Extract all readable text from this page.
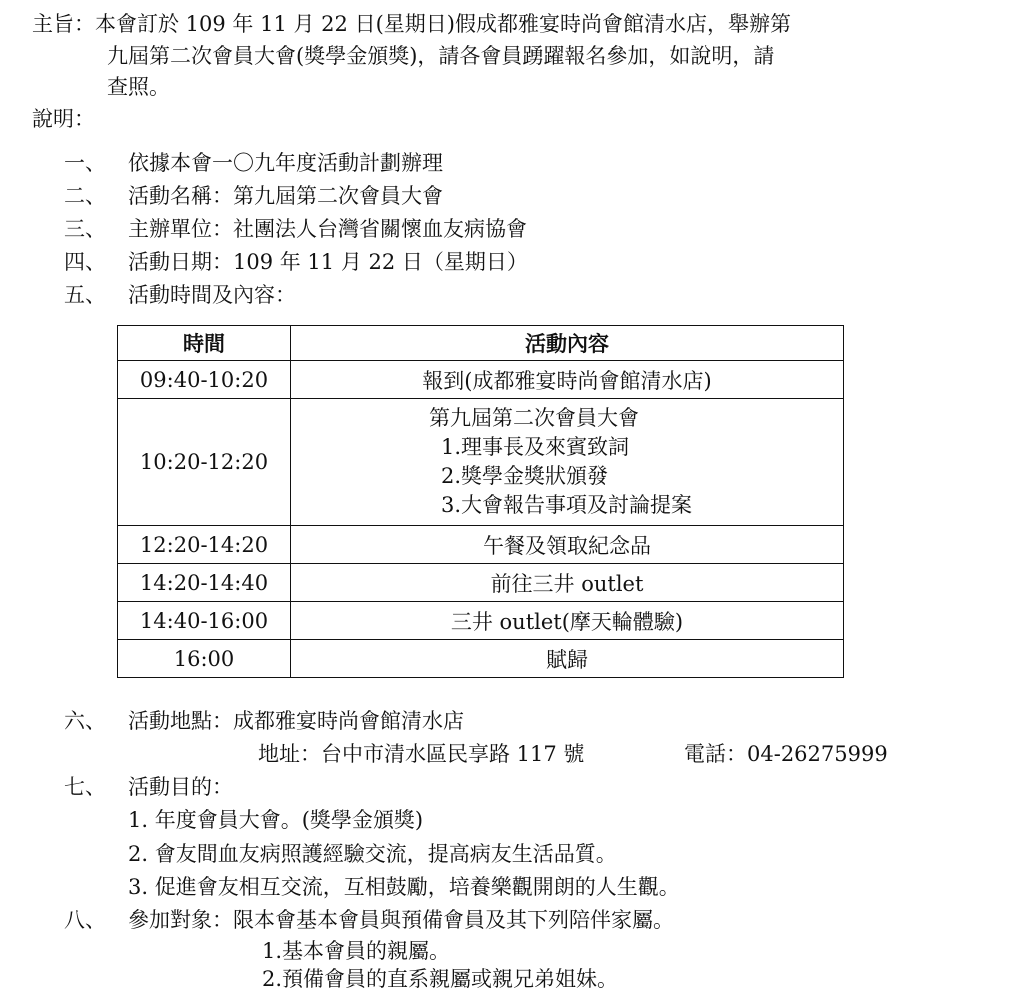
主旨：本會訂於 109 年 11 月 22 日(星期日)假成都雅宴時尚會館清水店，舉辦第
九屆第二次會員大會(獎學金頒獎)，請各會員踴躍報名參加，如說明，請
查照。
說明：
一、 依據本會一〇九年度活動計劃辦理
二、 活動名稱：第九屆第二次會員大會
三、 主辦單位：社團法人台灣省關懷血友病協會
四、 活動日期：109 年 11 月 22 日（星期日）
五、 活動時間及內容：
時間	活動內容
09:40-10:20	報到(成都雅宴時尚會館清水店)
10:20-12:20	第九屆第二次會員大會
1.理事長及來賓致詞
2.獎學金獎狀頒發
3.大會報告事項及討論提案

12:20-14:20	午餐及領取紀念品
14:20-14:40	前往三井 outlet
14:40-16:00	三井 outlet(摩天輪體驗)
16:00	賦歸
六、 活動地點：成都雅宴時尚會館清水店
地址：台中市清水區民享路 117 號	電話：04-26275999
七、 活動目的：
1. 年度會員大會。(獎學金頒獎)
2. 會友間血友病照護經驗交流，提高病友生活品質。
3. 促進會友相互交流，互相鼓勵，培養樂觀開朗的人生觀。
八、 參加對象：限本會基本會員與預備會員及其下列陪伴家屬。
1.基本會員的親屬。
2.預備會員的直系親屬或親兄弟姐妹。
